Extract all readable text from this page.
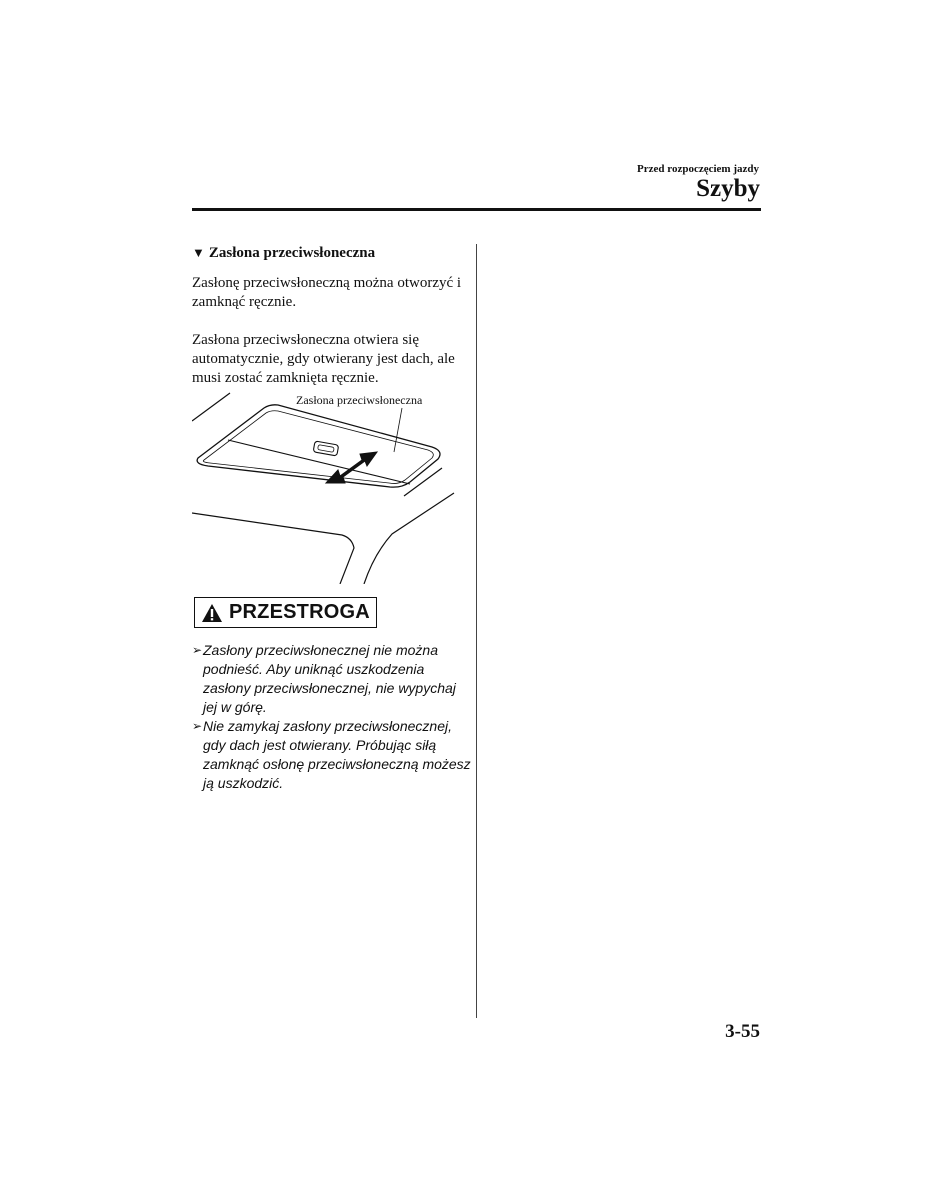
Przed rozpoczęciem jazdy
Szyby
▼ Zasłona przeciwsłoneczna

Zasłonę przeciwsłoneczną można otworzyć i zamknąć ręcznie.

Zasłona przeciwsłoneczna otwiera się automatycznie, gdy otwierany jest dach, ale musi zostać zamknięta ręcznie.

Zasłona przeciwsłoneczna
PRZESTROGA
➢ Zasłony przeciwsłonecznej nie można podnieść. Aby uniknąć uszkodzenia zasłony przeciwsłonecznej, nie wypychaj jej w górę.
➢ Nie zamykaj zasłony przeciwsłonecznej, gdy dach jest otwierany. Próbując siłą zamknąć osłonę przeciwsłoneczną możesz ją uszkodzić.
3-55
